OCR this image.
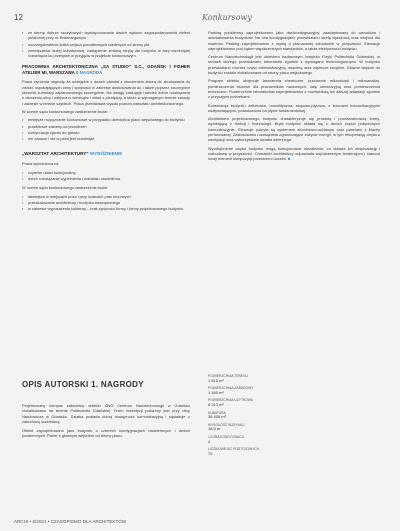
12	Konkursowy
• ze stronę dobrze szczytowych wyeksponowanie dwóch wykonu zagospodarowania zieleni publicznej przy ul. Bratmargowym
• uszczegółowienie kolka wejsca poczatkowych rastlenych od strony płd.
• zmniejszenie dużej kubaturowej, zastąpienie zmianą cieplą dla budynku w fazy zamkniętej rozwinięcia ku przesyłce w przyjęciu w projekcie konkursowym.
PRACOWNIA ARCHITEKTONICZNA „SA STUDIO” S.C., GDAŃSK I FISHER ATELIER MI, WARSZAWA II NAGRODA

Praca wyróżnia nagrodę za umiejętne z dwóch planów z otoczeniem zbioru do zbudowania do zwłoki, uspokajających ceny i spójności w zakresie dostosowania do i także poprzez szczególne stosunki kumulacji zaplanowanego szczególnie. Na uwagę zasługuje również dobór rozwiązania o otoczeniu ulicy i miejsca w wewnątrz i układ z pieniędzy, a także w wymaganym terenie zasady i zakresie w terenie szybkich. Praca przedstawia wysoki poziom warsztatu architektonicznego.

W ocenie sądu konkursowego zastrzeżenie budzi:

• mniejsze rozpoznanie konkursowe w przypadku dziedzińca placu wejściowego do budynku
• prawidłowe zakresy na przestrzeń
• kontynuacja zjazdu do garażu
• nie zawsze i nie w pełni jest rozwinięte
„WARSZTAT ARCHITEKTURY” WYRÓŻNIENIE

Praca wyróżniona za:

• czytelne układ funkcjonalny;
• dobre rozwiązanie wypełnienia i rozdziału oświetlenia.

W ocenie sądu konkursowego zastrzeżenie budzi:

• łatwiejsze w miejscach poza i przy ścianach prac biurowych
• przeskalowanie architektury i budynku wewnętrznego
• w zakresie wyposażenia kubatury – brak spójności formy i formy projektowanego budynku.

Parking podziemny zaprojektowano jako dwukondygnacyjny, zaadaptowany do warunków i ukształtowania budynków. Na obu kondygnacjach przewidziano strefę wjazdową oraz miejsca dla rowerów. Parking zaprojektowano z myślą o planowanej zabudowie w przyszłości. Elewacje zaprojektowano pod kątem współczesnych standardów, a także efektywności budynku.

Centrum Nanotechnologii jest obiektem badawczym Instytutu Fizyki Politechniki Gdańskiej, w ramach którego przewidziano laboratoria zgodnie z wymogami technologicznymi. W budynku przewidziano również część administracyjną, wspólną oraz zaplecze socjalne. Główne wejście do budynku zostało zlokalizowane od strony placu wejściowego.

Program obiektu obejmuje laboratoria chemiczne, pracownie mikroskopii i mikroanalizy, pomieszczenia biurowe dla pracowników naukowych, salę seminaryjną oraz pomieszczenia techniczne. Powierzchnie laboratoriów zaprojektowano z możliwością ich dalszej adaptacji zgodnie z przyszłymi potrzebami.

Konstrukcja budynku żelbetowa, monolityczna, słupowo-płytowa, z trzonami komunikacyjnymi usztywniającymi, posadowiona na płycie fundamentowej.

Architektura projektowanego budynku charakteryzuje się prostotą i powtarzalnością formy, wynikającą z funkcji i technologii. Bryła budynku składa się z dwóch części połączonych komunikacyjnie. Elewacje pokryte są systemem aluminiowo-szklanym oraz panelami z blachy perforowanej. Zastosowano rozwiązania ograniczające zużycie energii, w tym rekuperację ciepła z wentylacji oraz wykorzystanie światła dziennego.

Wyodrębnione części budynku mogą funkcjonować niezależnie, co ułatwia ich eksploatację i rozbudowę w przyszłości. Charakter architektury odpowiada współczesnym tendencjom i stanowi nowy element kompozycji przestrzeni uczelni. ■

OPIS AUTORSKI 1. NAGRODY

Projektowany kampus zabudowy obiektu CNG Centrum Nanotechnologii w Gdańsku zlokalizowano na terenie Politechniki Gdańskiej. Teren inwestycji położony jest przy ulicy Narutowicza w Gdańsku. Działka posiada dobrą dostępność komunikacyjną i sąsiaduje z zabudową uczelnianą.

Obiekt zaprojektowano jako budynek o czterech kondygnacjach nadziemnych i dwóch podziemnych. Parter z głównym wejściem od strony placu.

POWIERZCHNIA TERENU
1 815 m²
POWIERZCHNIA ZABUDOWY
1 160 m²
POWIERZCHNIA UŻYTKOWA
6 213 m²
KUBATURA
38 400 m³
WYSOKOŚĆ BUDYNKU
18,5 m
LICZBA KONDYGNACJI
4
LICZBA MIEJSC POSTOJOWYCH
70
ARCHI • 6/2021 • CZASOPISMO DLA ARCHITEKTÓW
